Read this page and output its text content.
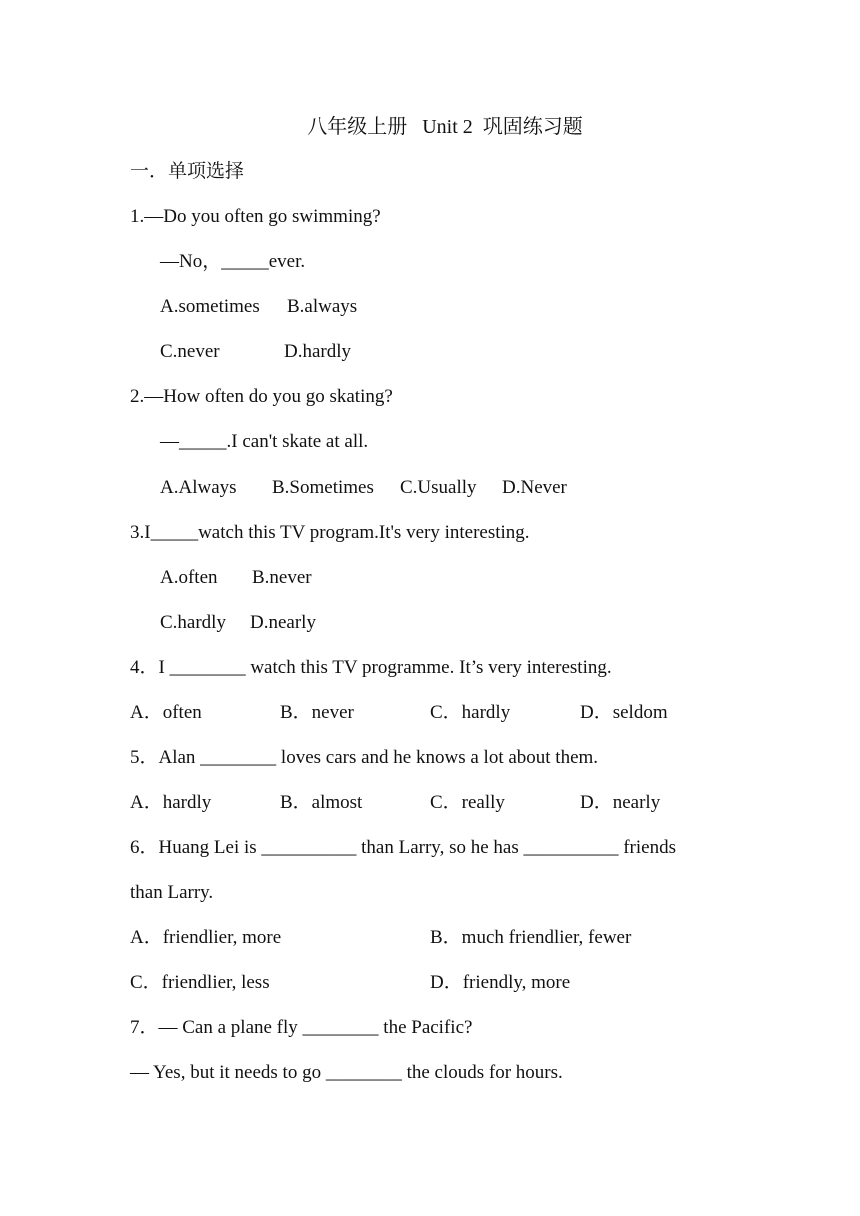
八年级上册   Unit 2  巩固练习题
一．单项选择
1.—Do you often go swimming?
—No，_____ever.
A.sometimes B.always
C.never	D.hardly
2.—How often do you go skating?
—_____.I can't skate at all.
A.Always B.Sometimes C.Usually D.Never
3.I_____watch this TV program.It's very interesting.
A.often B.never
C.hardly D.nearly
4．I ________ watch this TV programme. It’s very interesting.
A．often	B．never	C．hardly	D．seldom
5．Alan ________ loves cars and he knows a lot about them.
A．hardly	B．almost	C．really	D．nearly
6．Huang Lei is __________ than Larry, so he has __________ friends
than Larry.
A．friendlier, more	B．much friendlier, fewer
C．friendlier, less	D．friendly, more
7．— Can a plane fly ________ the Pacific?
— Yes, but it needs to go ________ the clouds for hours.
